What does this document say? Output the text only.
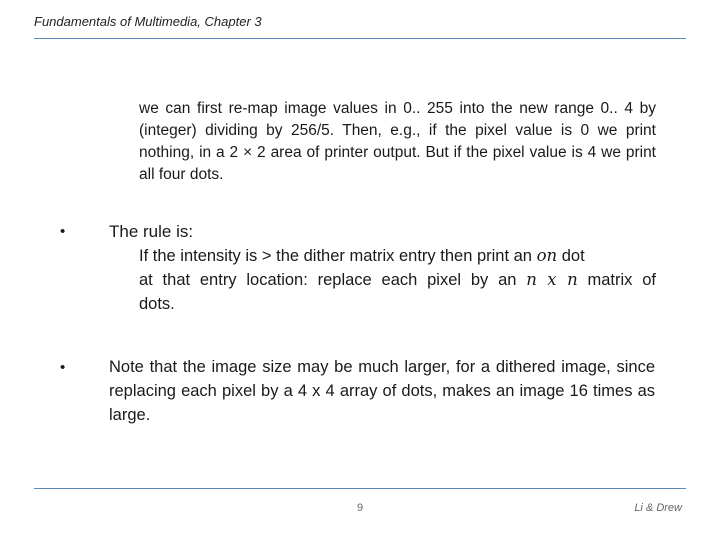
Fundamentals of Multimedia, Chapter 3
we can first re-map image values in 0.. 255 into the new range 0.. 4 by (integer) dividing by 256/5. Then, e.g., if the pixel value is 0 we print nothing, in a 2 × 2 area of printer output. But if the pixel value is 4 we print all four dots.
•	The rule is:
If the intensity is > the dither matrix entry then print an on dot
at that entry location: replace each pixel by an n x n matrix of
dots.
•	Note that the image size may be much larger, for a dithered image, since replacing each pixel by a 4 x 4 array of dots, makes an image 16 times as large.
9	Li & Drew
